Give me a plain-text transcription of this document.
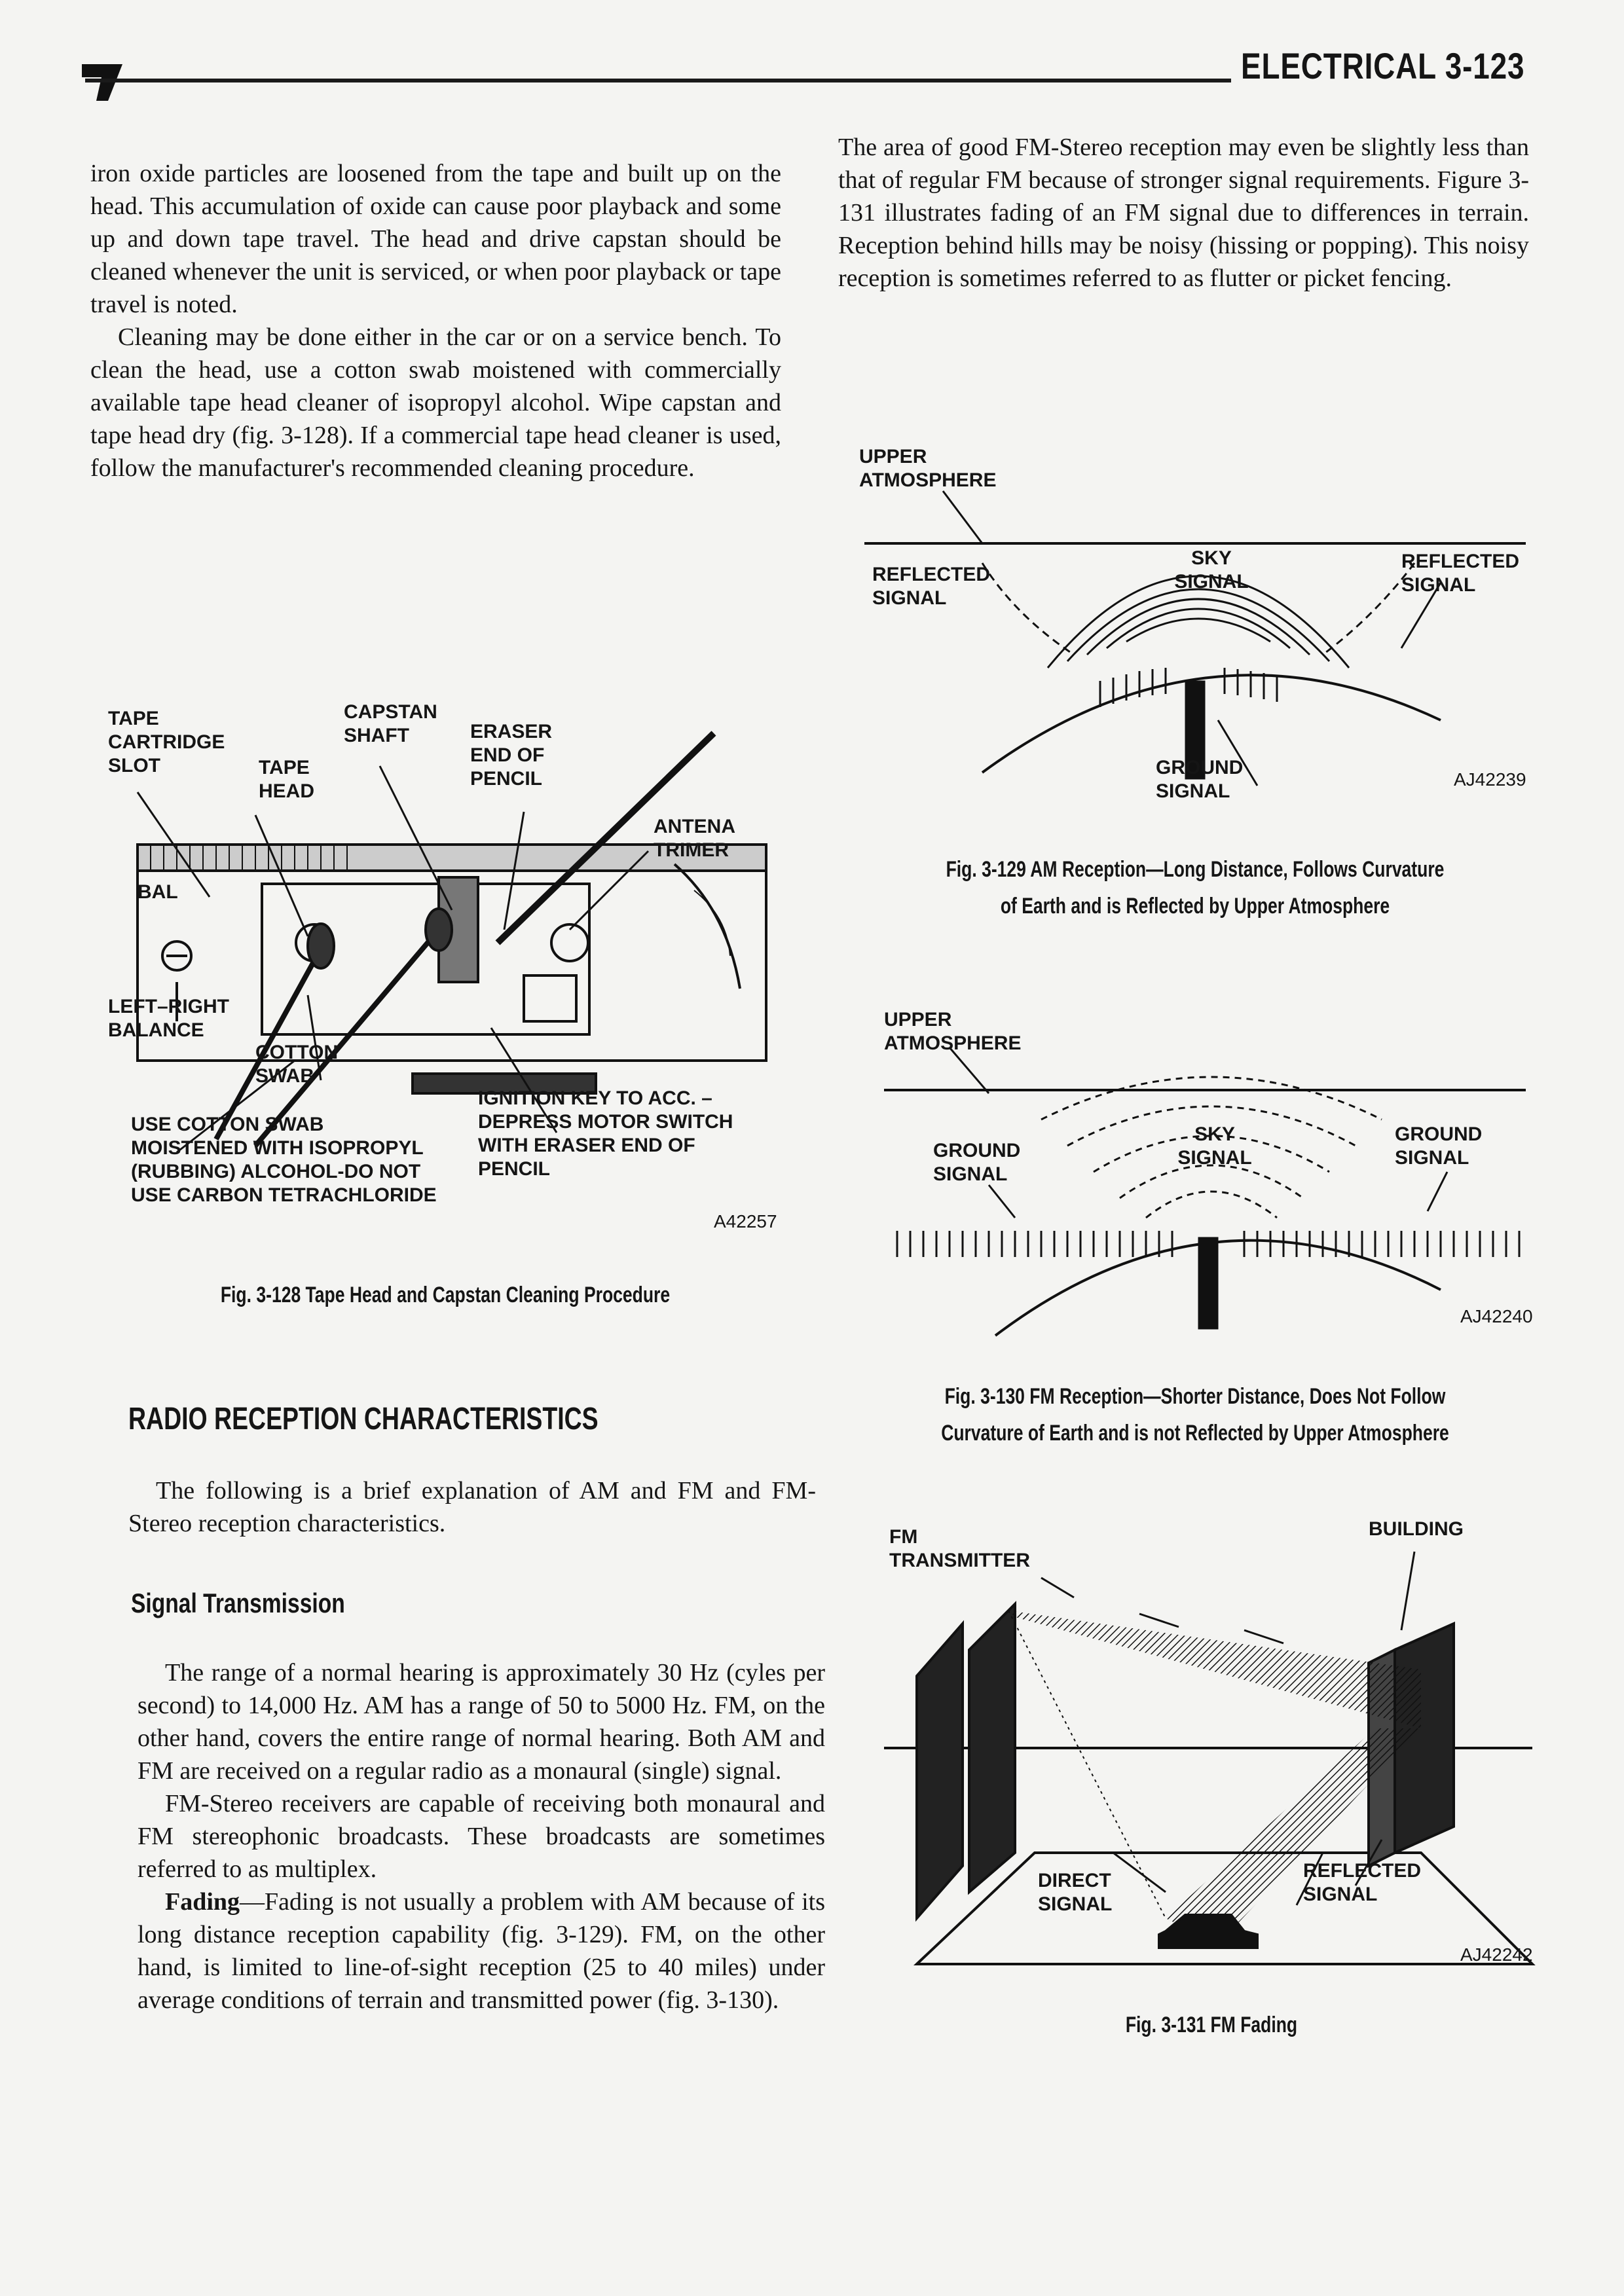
ELECTRICAL 3-123

iron oxide particles are loosened from the tape and built up on the head. This accumulation of oxide can cause poor playback and some up and down tape travel. The head and drive capstan should be cleaned whenever the unit is serviced, or when poor playback or tape travel is noted.

Cleaning may be done either in the car or on a service bench. To clean the head, use a cotton swab moistened with commercially available tape head cleaner of isopropyl alcohol. Wipe capstan and tape head dry (fig. 3-128). If a commercial tape head cleaner is used, follow the manufacturer's recommended cleaning procedure.

TAPE CARTRIDGE SLOT	TAPE HEAD
CAPSTAN SHAFT	ERASER END OF PENCIL
ANTENA TRIMER
BAL
LEFT–RIGHT BALANCE
COTTON SWAB
USE COTTON SWAB MOISTENED WITH ISOPROPYL (RUBBING) ALCOHOL-DO NOT USE CARBON TETRACHLORIDE
IGNITION KEY TO ACC. – DEPRESS MOTOR SWITCH WITH ERASER END OF PENCIL
A42257
Fig. 3-128 Tape Head and Capstan Cleaning Procedure
RADIO RECEPTION CHARACTERISTICS

The following is a brief explanation of AM and FM and FM-Stereo reception characteristics.

Signal Transmission

The range of a normal hearing is approximately 30 Hz (cyles per second) to 14,000 Hz. AM has a range of 50 to 5000 Hz. FM, on the other hand, covers the entire range of normal hearing. Both AM and FM are received on a regular radio as a monaural (single) signal.

FM-Stereo receivers are capable of receiving both monaural and FM stereophonic broadcasts. These broadcasts are sometimes referred to as multiplex.

Fading—Fading is not usually a problem with AM because of its long distance reception capability (fig. 3-129). FM, on the other hand, is limited to line-of-sight reception (25 to 40 miles) under average conditions of terrain and transmitted power (fig. 3-130).

The area of good FM-Stereo reception may even be slightly less than that of regular FM because of stronger signal requirements. Figure 3-131 illustrates fading of an FM signal due to differences in terrain. Reception behind hills may be noisy (hissing or popping). This noisy reception is sometimes referred to as flutter or picket fencing.

UPPER ATMOSPHERE
REFLECTED SIGNAL
SKY SIGNAL
REFLECTED SIGNAL
GROUND SIGNAL
AJ42239
Fig. 3-129 AM Reception—Long Distance, Follows Curvature
of Earth and is Reflected by Upper Atmosphere
UPPER ATMOSPHERE
GROUND SIGNAL
SKY SIGNAL
GROUND SIGNAL
AJ42240
Fig. 3-130 FM Reception—Shorter Distance, Does Not Follow
Curvature of Earth and is not Reflected by Upper Atmosphere
FM TRANSMITTER
BUILDING
DIRECT SIGNAL
REFLECTED SIGNAL
AJ42242
Fig. 3-131 FM Fading
